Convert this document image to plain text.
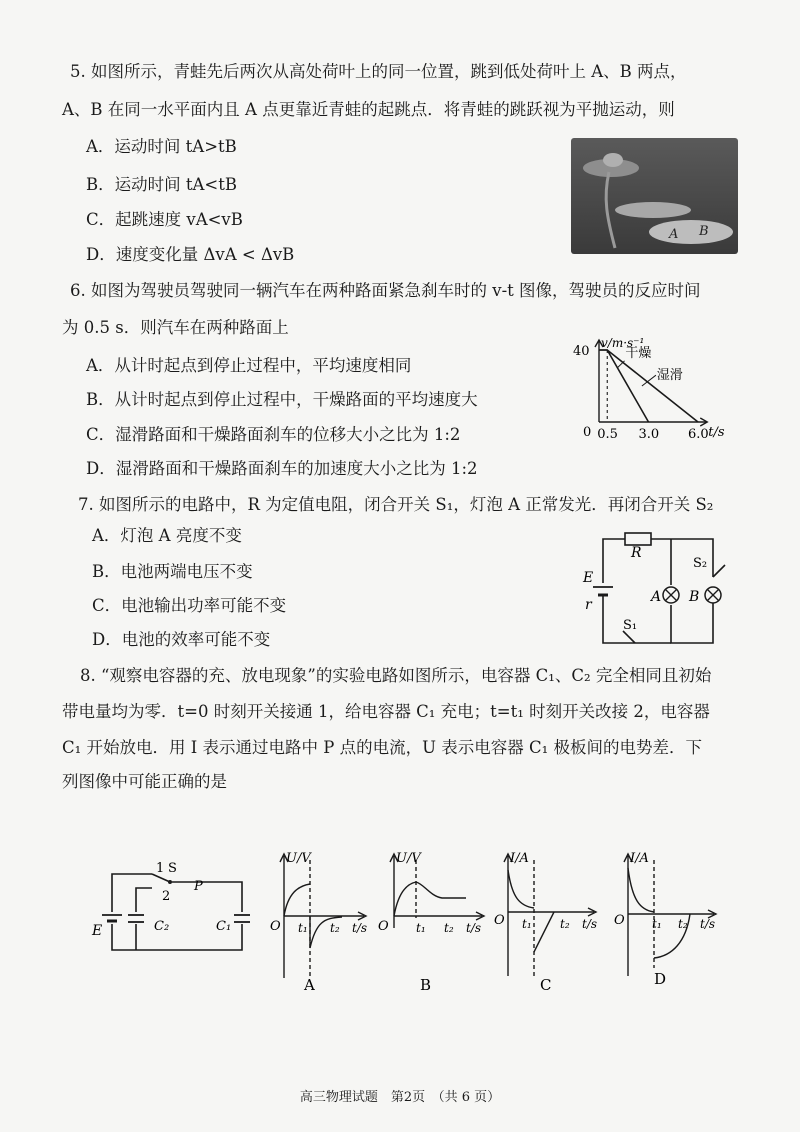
5. 如图所示，青蛙先后两次从高处荷叶上的同一位置，跳到低处荷叶上 A、B 两点，
A、B 在同一水平面内且 A 点更靠近青蛙的起跳点．将青蛙的跳跃视为平抛运动，则
A．运动时间 tA>tB
B．运动时间 tA<tB
C．起跳速度 vA<vB
D．速度变化量 ΔvA < ΔvB
A B
6. 如图为驾驶员驾驶同一辆汽车在两种路面紧急刹车时的 v-t 图像，驾驶员的反应时间
为 0.5 s．则汽车在两种路面上
A．从计时起点到停止过程中，平均速度相同
B．从计时起点到停止过程中，干燥路面的平均速度大
C．湿滑路面和干燥路面刹车的位移大小之比为 1:2
D．湿滑路面和干燥路面刹车的加速度大小之比为 1:2
干燥
湿滑
40
0 0.5 3.0 6.0 t/s
v/m·s⁻¹
7. 如图所示的电路中，R 为定值电阻，闭合开关 S₁，灯泡 A 正常发光．再闭合开关 S₂
A．灯泡 A 亮度不变
B．电池两端电压不变
C．电池输出功率可能不变
D．电池的效率可能不变
R
E
r
S₁
S₂
A B
8. “观察电容器的充、放电现象”的实验电路如图所示，电容器 C₁、C₂ 完全相同且初始
带电量均为零．t=0 时刻开关接通 1，给电容器 C₁ 充电；t=t₁ 时刻开关改接 2，电容器
C₁ 开始放电．用 I 表示通过电路中 P 点的电流，U 表示电容器 C₁ 极板间的电势差．下
列图像中可能正确的是
1 S
2
P
E	C₂	C₁
U/V
O t₁ t₂ t/s
A
U/V
O t₁ t₂ t/s
B
I/A
O t₁ t₂ t/s
C
I/A
O t₁ t₂ t/s
D
高三物理试题　第2页　（共 6 页）
